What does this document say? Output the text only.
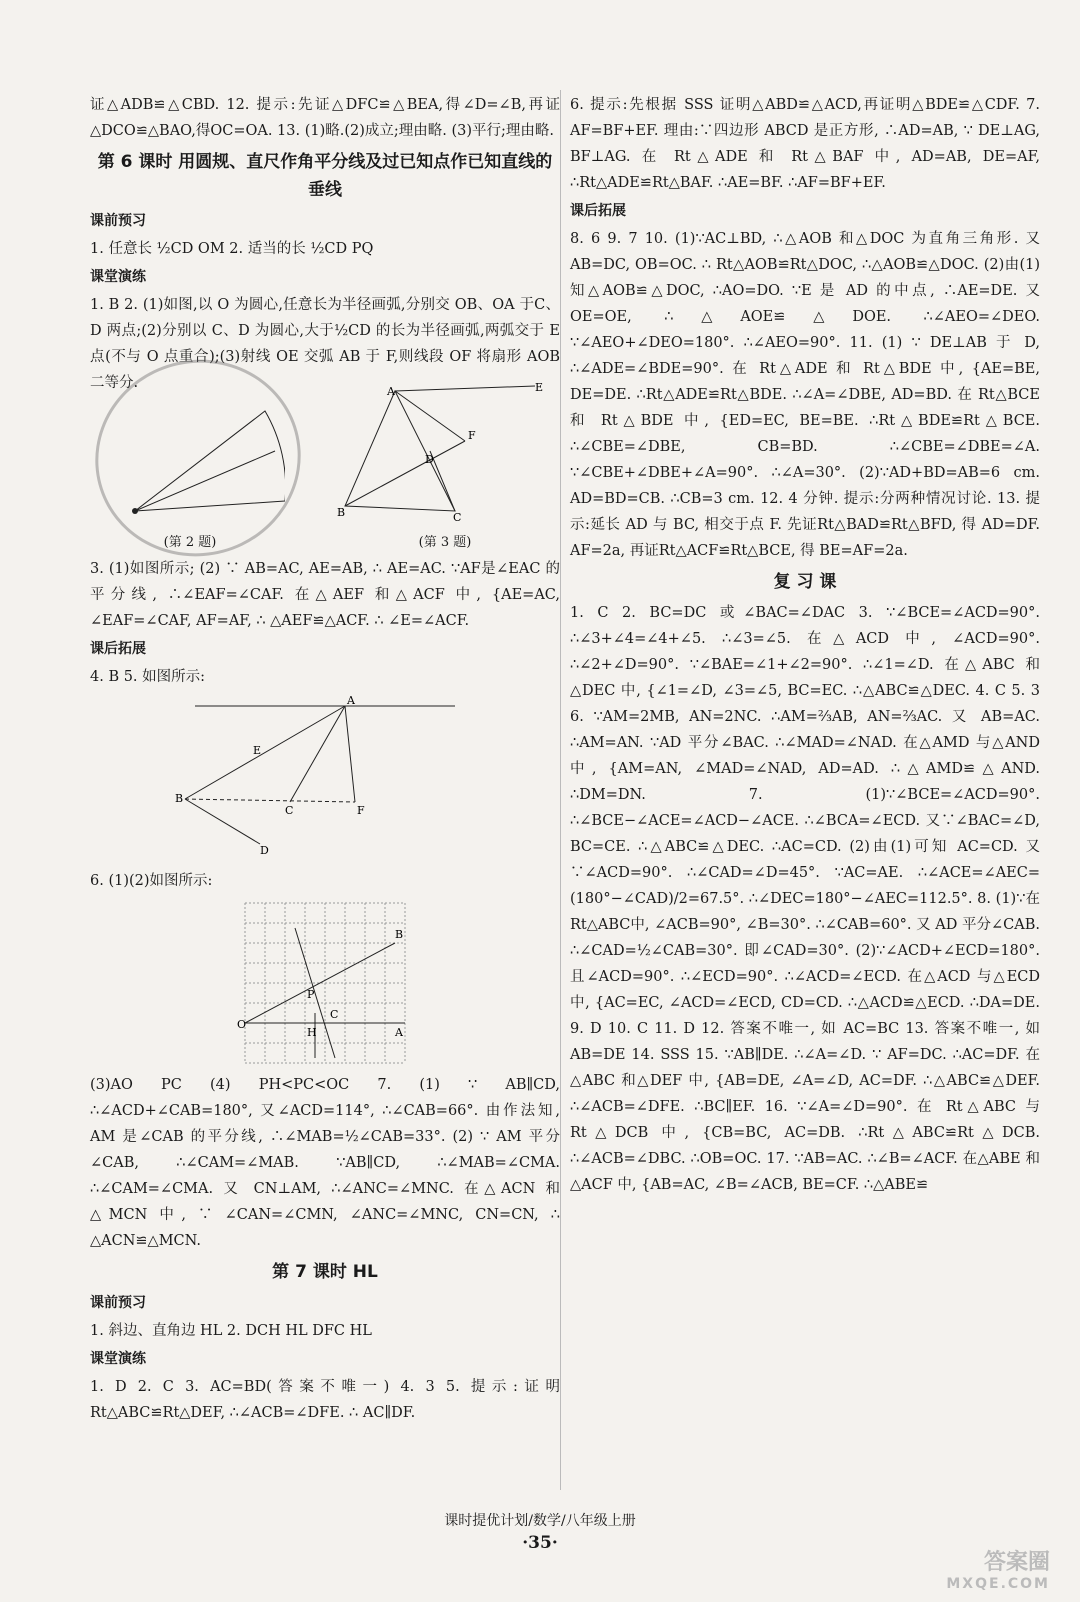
证△ADB≌△CBD. 12. 提示:先证△DFC≌△BEA,得∠D=∠B,再证△DCO≌△BAO,得OC=OA. 13. (1)略.(2)成立;理由略. (3)平行;理由略.

第 6 课时 用圆规、直尺作角平分线及过已知点作已知直线的垂线
课前预习

1. 任意长 ½CD OM 2. 适当的长 ½CD PQ

课堂演练

1. B 2. (1)如图,以 O 为圆心,任意长为半径画弧,分别交 OB、OA 于C、D 两点;(2)分别以 C、D 为圆心,大于½CD 的长为半径画弧,两弧交于 E 点(不与 O 点重合);(3)射线 OE 交弧 AB 于 F,则线段 OF 将扇形 AOB 二等分.

(第 2 题)
A
B	C
D
F
E
(第 3 题)

3. (1)如图所示; (2) ∵ AB=AC, AE=AB, ∴ AE=AC. ∵AF是∠EAC 的平分线, ∴∠EAF=∠CAF. 在△AEF 和△ACF 中, {AE=AC, ∠EAF=∠CAF, AF=AF, ∴ △AEF≌△ACF. ∴ ∠E=∠ACF.

课后拓展

4. B 5. 如图所示:

A
B
C	F
D
E

6. (1)(2)如图所示:

O
B
A
P
H
C

(3)AO PC (4) PH<PC<OC 7. (1) ∵ AB∥CD, ∴∠ACD+∠CAB=180°, 又∠ACD=114°, ∴∠CAB=66°. 由作法知, AM 是∠CAB 的平分线, ∴∠MAB=½∠CAB=33°. (2) ∵ AM 平分∠CAB, ∴∠CAM=∠MAB. ∵AB∥CD, ∴∠MAB=∠CMA. ∴∠CAM=∠CMA. 又 CN⊥AM, ∴∠ANC=∠MNC. 在△ACN 和△MCN 中, ∵ ∠CAN=∠CMN, ∠ANC=∠MNC, CN=CN, ∴ △ACN≌△MCN.

第 7 课时 HL
课前预习

1. 斜边、直角边 HL 2. DCH HL DFC HL

课堂演练

1. D 2. C 3. AC=BD(答案不唯一) 4. 3 5. 提示:证明 Rt△ABC≌Rt△DEF, ∴∠ACB=∠DFE. ∴ AC∥DF.

6. 提示:先根据 SSS 证明△ABD≌△ACD,再证明△BDE≌△CDF. 7. AF=BF+EF. 理由:∵四边形 ABCD 是正方形, ∴AD=AB, ∵ DE⊥AG, BF⊥AG. 在 Rt△ADE 和 Rt△BAF 中, AD=AB, DE=AF, ∴Rt△ADE≌Rt△BAF. ∴AE=BF. ∴AF=BF+EF.

课后拓展

8. 6 9. 7 10. (1)∵AC⊥BD, ∴△AOB 和△DOC 为直角三角形. 又 AB=DC, OB=OC. ∴ Rt△AOB≌Rt△DOC, ∴△AOB≌△DOC. (2)由(1)知△AOB≌△DOC, ∴AO=DO. ∵E 是 AD 的中点, ∴AE=DE. 又 OE=OE, ∴△AOE≌△DOE. ∴∠AEO=∠DEO. ∵∠AEO+∠DEO=180°. ∴∠AEO=90°. 11. (1) ∵ DE⊥AB 于 D, ∴∠ADE=∠BDE=90°. 在 Rt△ADE 和 Rt△BDE 中, {AE=BE, DE=DE. ∴Rt△ADE≌Rt△BDE. ∴∠A=∠DBE, AD=BD. 在 Rt△BCE 和 Rt△BDE 中, {ED=EC, BE=BE. ∴Rt△BDE≌Rt△BCE. ∴∠CBE=∠DBE, CB=BD. ∴∠CBE=∠DBE=∠A. ∵∠CBE+∠DBE+∠A=90°. ∴∠A=30°. (2)∵AD+BD=AB=6 cm. AD=BD=CB. ∴CB=3 cm. 12. 4 分钟. 提示:分两种情况讨论. 13. 提示:延长 AD 与 BC, 相交于点 F. 先证Rt△BAD≌Rt△BFD, 得 AD=DF. AF=2a, 再证Rt△ACF≌Rt△BCE, 得 BE=AF=2a.

复 习 课

1. C 2. BC=DC 或∠BAC=∠DAC 3. ∵∠BCE=∠ACD=90°. ∴∠3+∠4=∠4+∠5. ∴∠3=∠5. 在△ACD 中, ∠ACD=90°. ∴∠2+∠D=90°. ∵∠BAE=∠1+∠2=90°. ∴∠1=∠D. 在△ABC 和△DEC 中, {∠1=∠D, ∠3=∠5, BC=EC. ∴△ABC≌△DEC. 4. C 5. 3 6. ∵AM=2MB, AN=2NC. ∴AM=⅔AB, AN=⅔AC. 又 AB=AC. ∴AM=AN. ∵AD 平分∠BAC. ∴∠MAD=∠NAD. 在△AMD 与△AND 中, {AM=AN, ∠MAD=∠NAD, AD=AD. ∴△AMD≌△AND. ∴DM=DN. 7. (1)∵∠BCE=∠ACD=90°. ∴∠BCE−∠ACE=∠ACD−∠ACE. ∴∠BCA=∠ECD. 又∵∠BAC=∠D, BC=CE. ∴△ABC≌△DEC. ∴AC=CD. (2)由(1)可知 AC=CD. 又∵∠ACD=90°. ∴∠CAD=∠D=45°. ∵AC=AE. ∴∠ACE=∠AEC=(180°−∠CAD)/2=67.5°. ∴∠DEC=180°−∠AEC=112.5°. 8. (1)∵在Rt△ABC中, ∠ACB=90°, ∠B=30°. ∴∠CAB=60°. 又 AD 平分∠CAB. ∴∠CAD=½∠CAB=30°. 即∠CAD=30°. (2)∵∠ACD+∠ECD=180°. 且∠ACD=90°. ∴∠ECD=90°. ∴∠ACD=∠ECD. 在△ACD 与△ECD 中, {AC=EC, ∠ACD=∠ECD, CD=CD. ∴△ACD≌△ECD. ∴DA=DE. 9. D 10. C 11. D 12. 答案不唯一, 如 AC=BC 13. 答案不唯一, 如 AB=DE 14. SSS 15. ∵AB∥DE. ∴∠A=∠D. ∵ AF=DC. ∴AC=DF. 在△ABC 和△DEF 中, {AB=DE, ∠A=∠D, AC=DF. ∴△ABC≌△DEF. ∴∠ACB=∠DFE. ∴BC∥EF. 16. ∵∠A=∠D=90°. 在 Rt△ABC 与 Rt△DCB 中, {CB=BC, AC=DB. ∴Rt△ABC≌Rt△DCB. ∴∠ACB=∠DBC. ∴OB=OC. 17. ∵AB=AC. ∴∠B=∠ACF. 在△ABE 和△ACF 中, {AB=AC, ∠B=∠ACB, BE=CF. ∴△ABE≌

课时提优计划/数学/八年级上册
·35·
答案圈
MXQE.COM
